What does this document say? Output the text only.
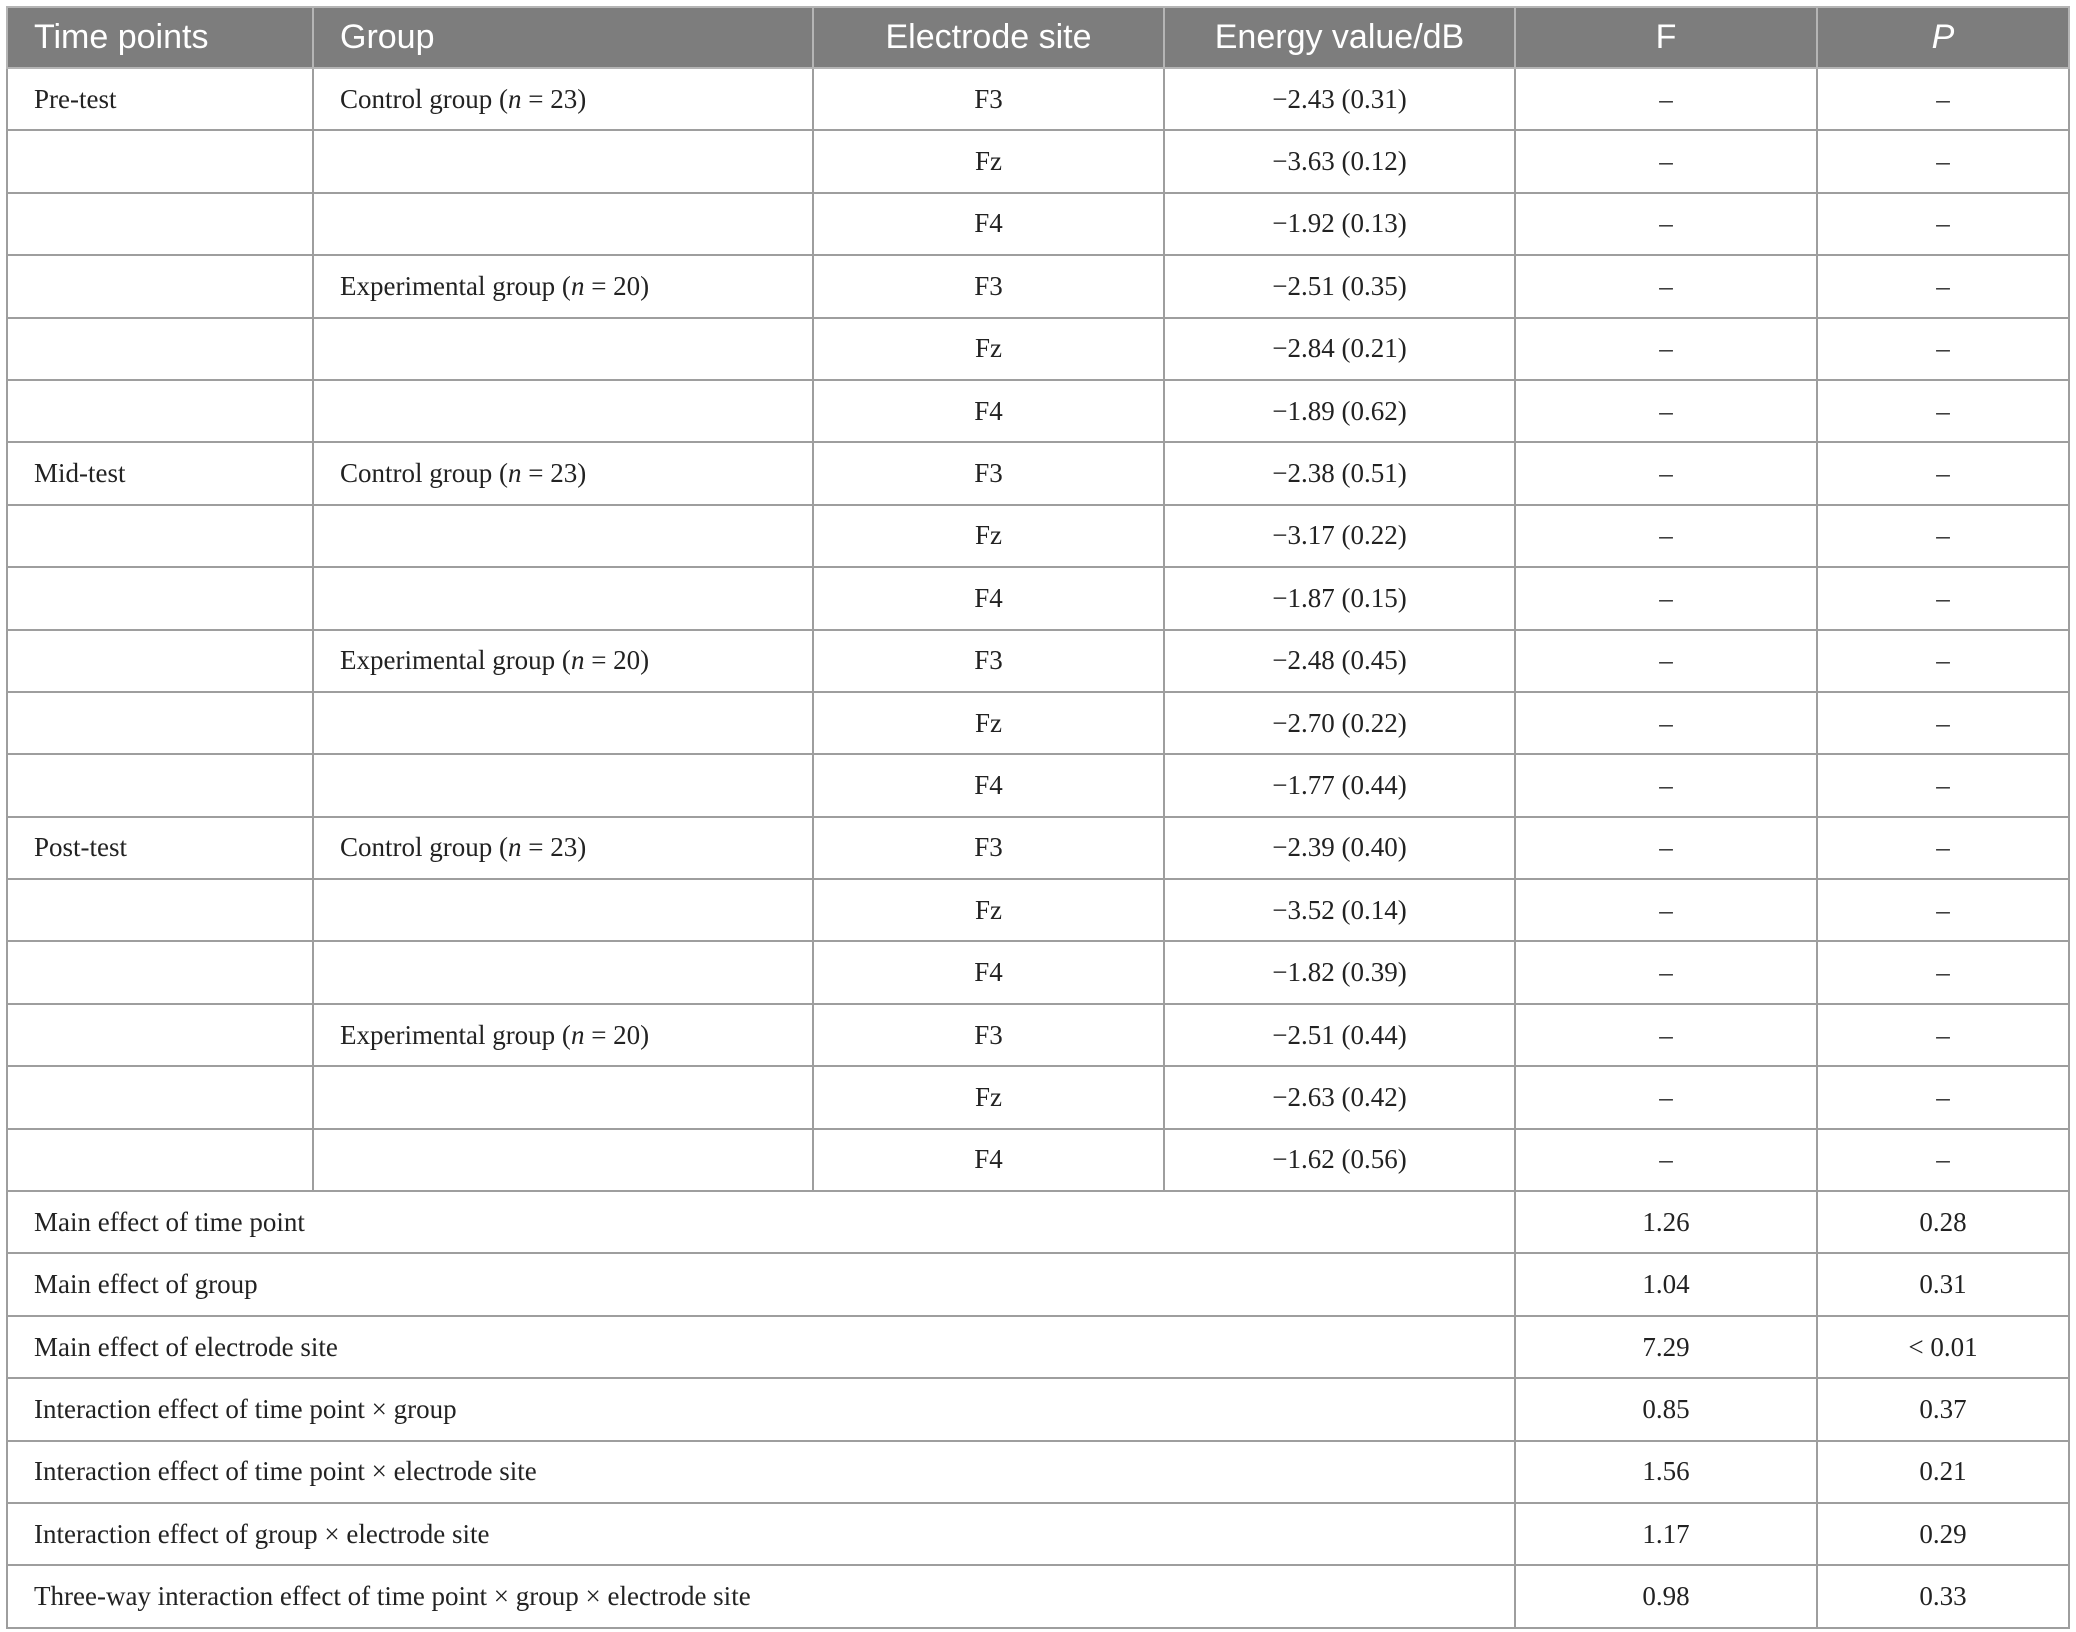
Time points	Group	Electrode site	Energy value/dB	F	P
Pre-test	Control group (n = 23)	F3	−2.43 (0.31)	–	–
		Fz	−3.63 (0.12)	–	–
		F4	−1.92 (0.13)	–	–
	Experimental group (n = 20)	F3	−2.51 (0.35)	–	–
		Fz	−2.84 (0.21)	–	–
		F4	−1.89 (0.62)	–	–
Mid-test	Control group (n = 23)	F3	−2.38 (0.51)	–	–
		Fz	−3.17 (0.22)	–	–
		F4	−1.87 (0.15)	–	–
	Experimental group (n = 20)	F3	−2.48 (0.45)	–	–
		Fz	−2.70 (0.22)	–	–
		F4	−1.77 (0.44)	–	–
Post-test	Control group (n = 23)	F3	−2.39 (0.40)	–	–
		Fz	−3.52 (0.14)	–	–
		F4	−1.82 (0.39)	–	–
	Experimental group (n = 20)	F3	−2.51 (0.44)	–	–
		Fz	−2.63 (0.42)	–	–
		F4	−1.62 (0.56)	–	–
Main effect of time point				1.26	0.28
Main effect of group				1.04	0.31
Main effect of electrode site				7.29	< 0.01
Interaction effect of time point × group				0.85	0.37
Interaction effect of time point × electrode site				1.56	0.21
Interaction effect of group × electrode site				1.17	0.29
Three-way interaction effect of time point × group × electrode site				0.98	0.33
